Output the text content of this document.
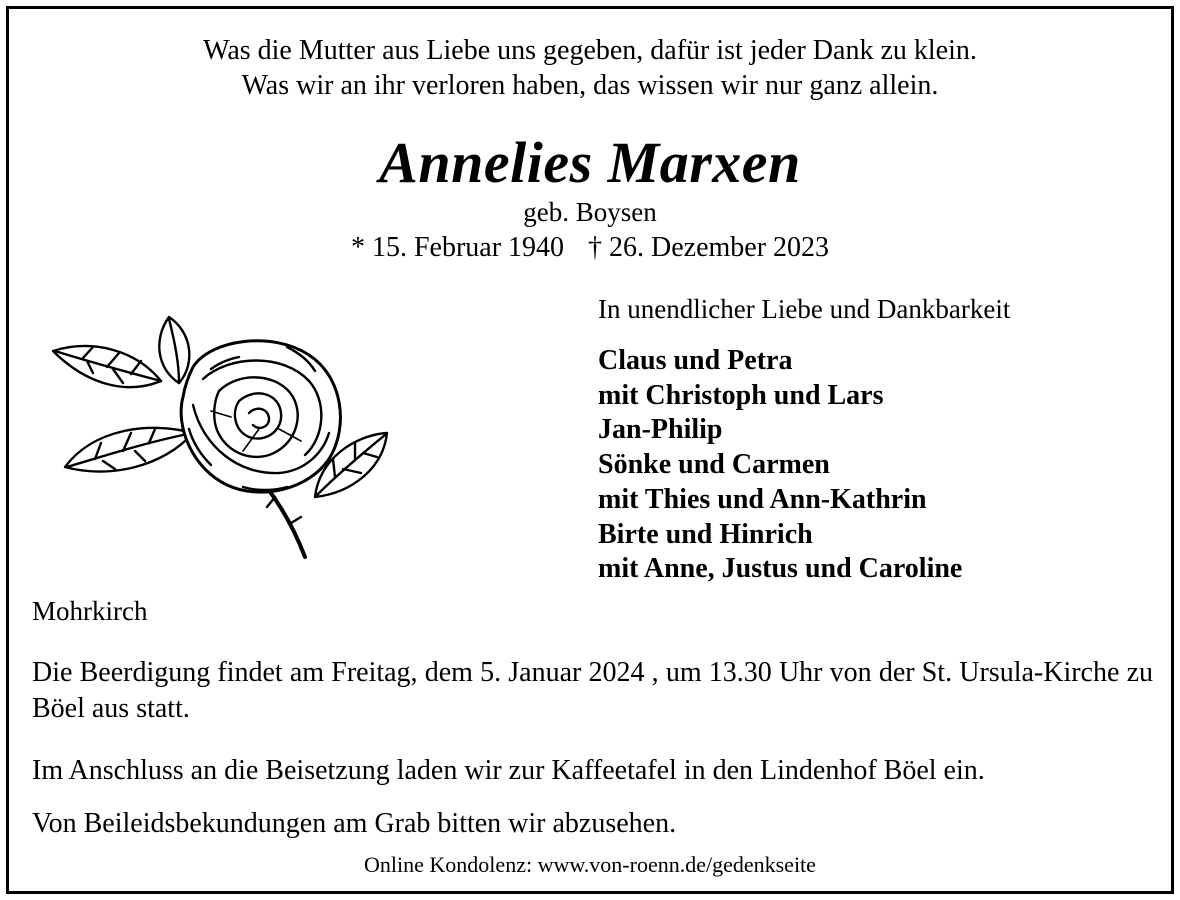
Was die Mutter aus Liebe uns gegeben, dafür ist jeder Dank zu klein.
Was wir an ihr verloren haben, das wissen wir nur ganz allein.
Annelies Marxen
geb. Boysen
* 15. Februar 1940 † 26. Dezember 2023
In unendlicher Liebe und Dankbarkeit
Claus und Petra
mit Christoph und Lars
Jan-Philip
Sönke und Carmen
mit Thies und Ann-Kathrin
Birte und Hinrich
mit Anne, Justus und Caroline
Mohrkirch
Die Beerdigung findet am Freitag, dem 5. Januar 2024 , um 13.30 Uhr von der St. Ursula-Kirche zu Böel aus statt.
Im Anschluss an die Beisetzung laden wir zur Kaffeetafel in den Lindenhof Böel ein.
Von Beileidsbekundungen am Grab bitten wir abzusehen.
Online Kondolenz: www.von-roenn.de/gedenkseite
